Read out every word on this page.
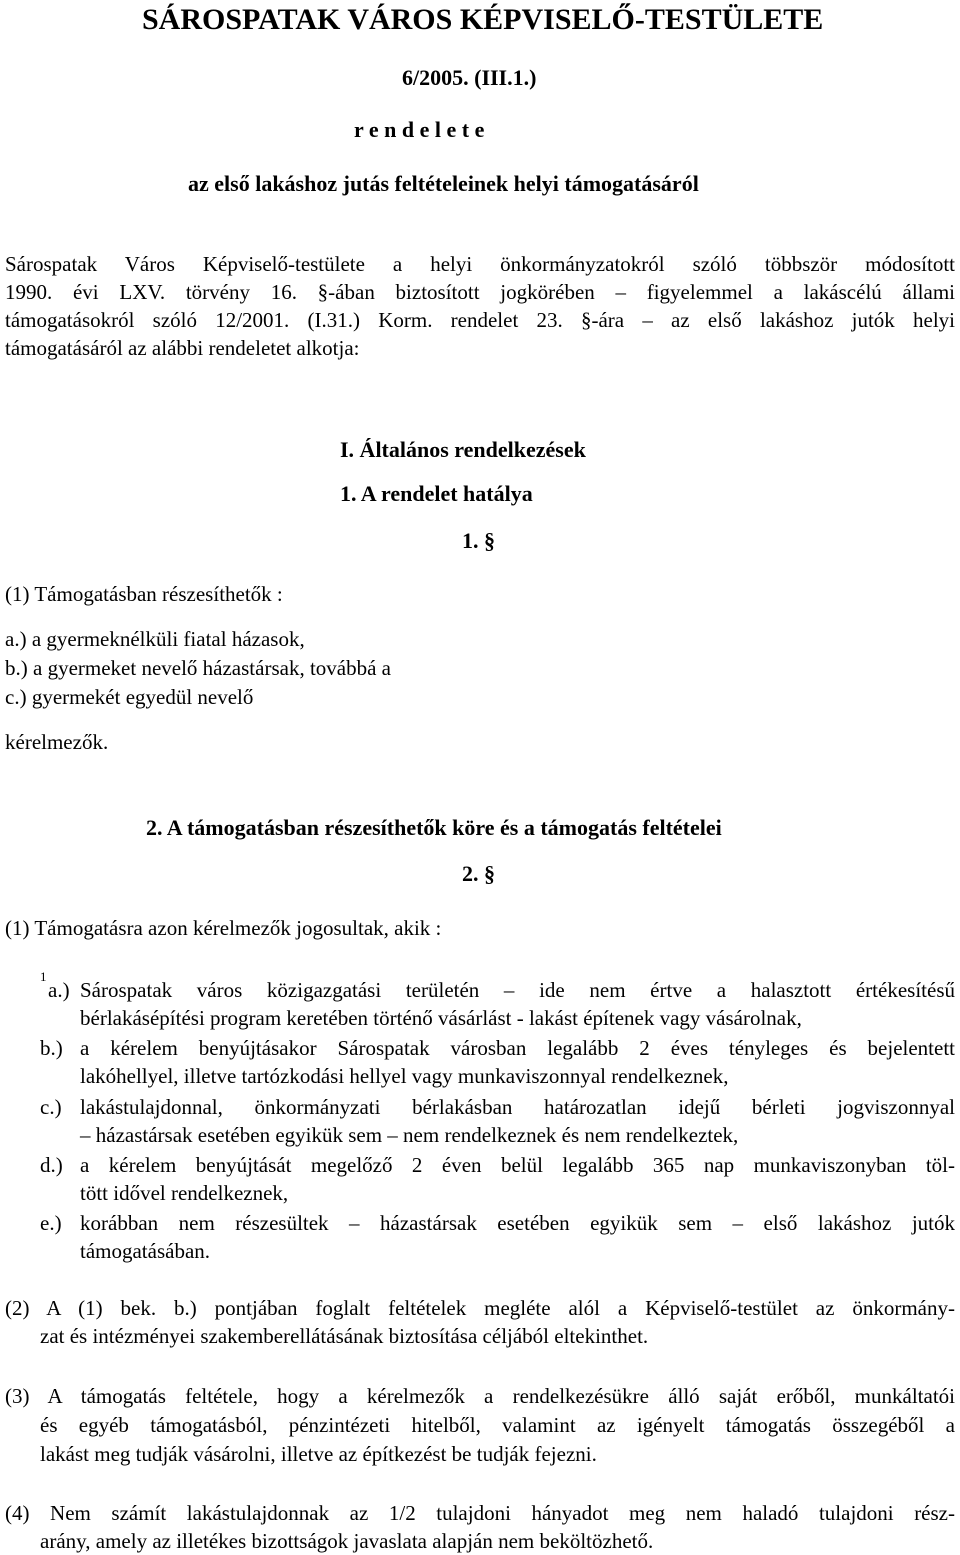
SÁROSPATAK VÁROS KÉPVISELŐ-TESTÜLETE
6/2005. (III.1.)
r e n d e l e t e
az első lakáshoz jutás feltételeinek helyi támogatásáról
Sárospatak Város Képviselő-testülete a helyi önkormányzatokról szóló többször módosított
1990. évi LXV. törvény 16. §-ában biztosított jogkörében – figyelemmel a lakáscélú állami
támogatásokról szóló 12/2001. (I.31.) Korm. rendelet 23. §-ára – az első lakáshoz jutók helyi
támogatásáról az alábbi rendeletet alkotja:
I. Általános rendelkezések
1. A rendelet hatálya
1. §
(1) Támogatásban részesíthetők :
a.) a gyermeknélküli fiatal házasok,
b.) a gyermeket nevelő házastársak, továbbá a
c.) gyermekét egyedül nevelő
kérelmezők.
2. A támogatásban részesíthetők köre és a támogatás feltételei
2. §
(1) Támogatásra azon kérelmezők jogosultak, akik :
1
a.) Sárospatak város közigazgatási területén – ide nem értve a halasztott értékesítésű
bérlakásépítési program keretében történő vásárlást - lakást építenek vagy vásárolnak,
b.) a kérelem benyújtásakor Sárospatak városban legalább 2 éves tényleges és bejelentett
lakóhellyel, illetve tartózkodási hellyel vagy munkaviszonnyal rendelkeznek,
c.) lakástulajdonnal, önkormányzati bérlakásban határozatlan idejű bérleti jogviszonnyal
– házastársak esetében egyikük sem – nem rendelkeznek és nem rendelkeztek,
d.) a kérelem benyújtását megelőző 2 éven belül legalább 365 nap munkaviszonyban töl-
tött idővel rendelkeznek,
e.) korábban nem részesültek – házastársak esetében egyikük sem – első lakáshoz jutók
támogatásában.
(2) A (1) bek. b.) pontjában foglalt feltételek megléte alól a Képviselő-testület az önkormány-
zat és intézményei szakemberellátásának biztosítása céljából eltekinthet.
(3) A támogatás feltétele, hogy a kérelmezők a rendelkezésükre álló saját erőből, munkáltatói
és egyéb támogatásból, pénzintézeti hitelből, valamint az igényelt támogatás összegéből a
lakást meg tudják vásárolni, illetve az építkezést be tudják fejezni.
(4) Nem számít lakástulajdonnak az 1/2 tulajdoni hányadot meg nem haladó tulajdoni rész-
arány, amely az illetékes bizottságok javaslata alapján nem beköltözhető.
